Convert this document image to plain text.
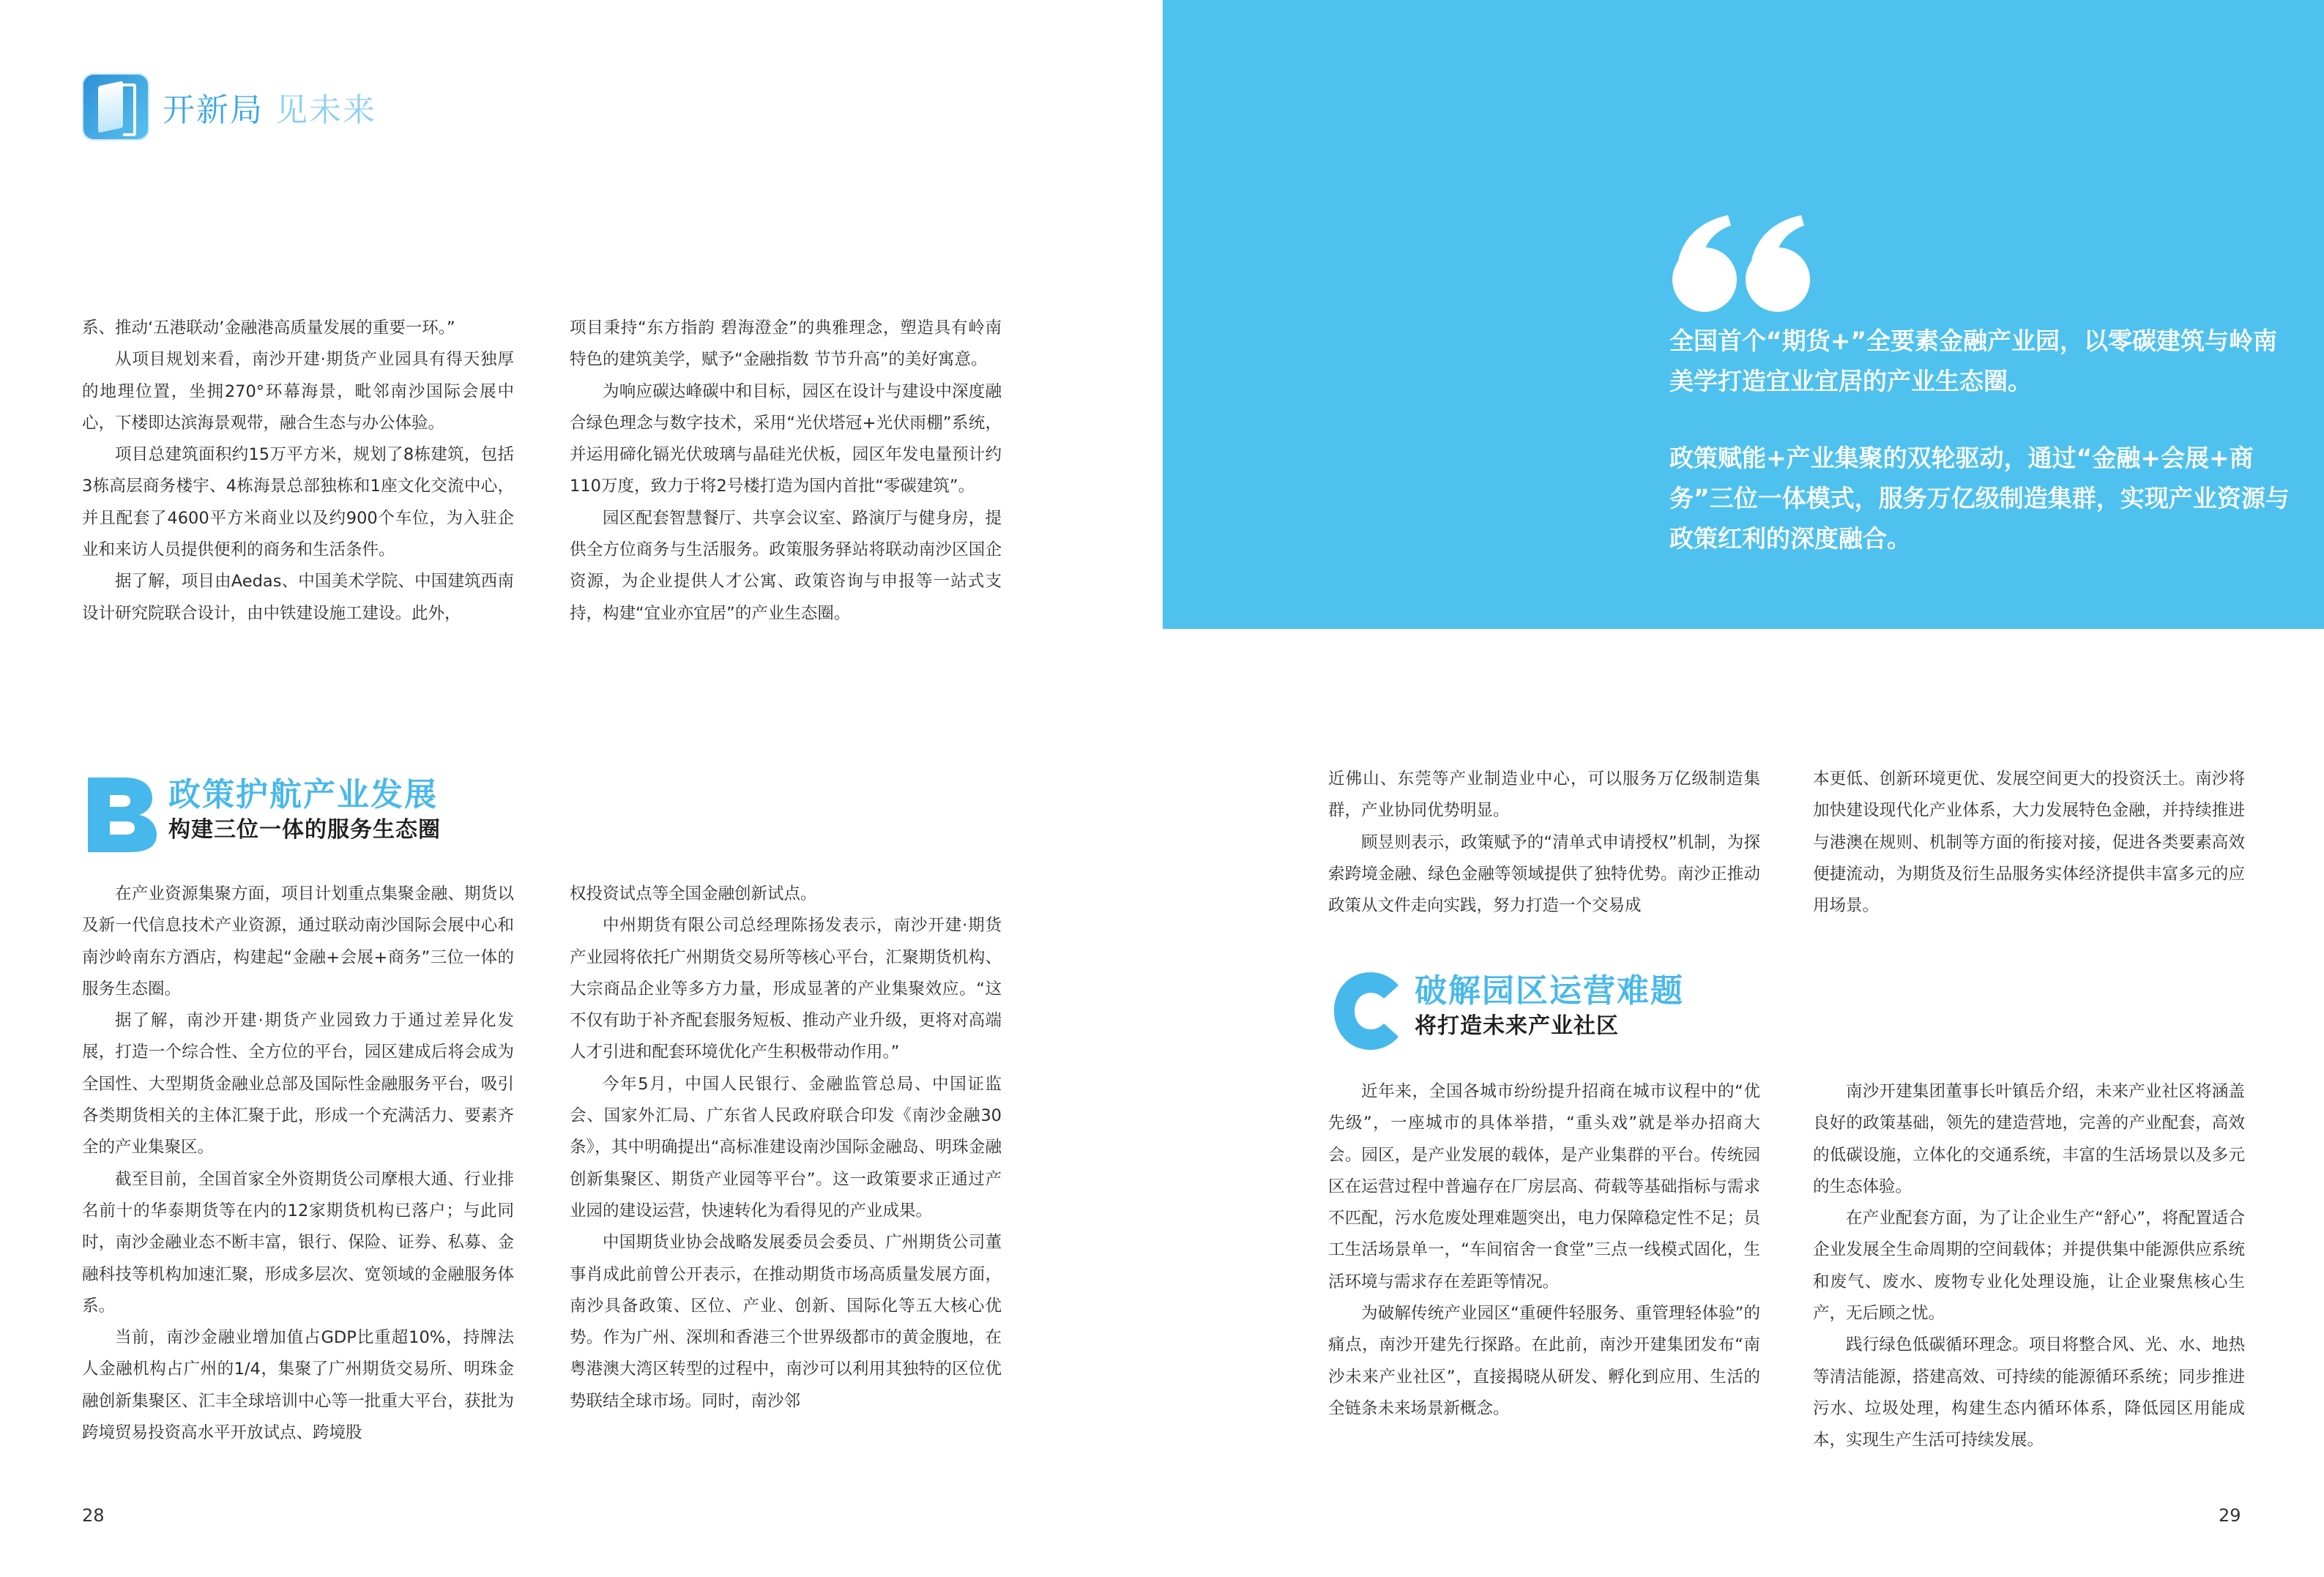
开新局 见未来

系、推动‘五港联动’金融港高质量发展的重要一环。”

从项目规划来看，南沙开建·期货产业园具有得天独厚的地理位置，坐拥270°环幕海景，毗邻南沙国际会展中心，下楼即达滨海景观带，融合生态与办公体验。

项目总建筑面积约15万平方米，规划了8栋建筑，包括3栋高层商务楼宇、4栋海景总部独栋和1座文化交流中心，并且配套了4600平方米商业以及约900个车位，为入驻企业和来访人员提供便利的商务和生活条件。

据了解，项目由Aedas、中国美术学院、中国建筑西南设计研究院联合设计，由中铁建设施工建设。此外，

项目秉持“东方指韵 碧海澄金”的典雅理念，塑造具有岭南特色的建筑美学，赋予“金融指数 节节升高”的美好寓意。

为响应碳达峰碳中和目标，园区在设计与建设中深度融合绿色理念与数字技术，采用“光伏塔冠+光伏雨棚”系统，并运用碲化镉光伏玻璃与晶硅光伏板，园区年发电量预计约110万度，致力于将2号楼打造为国内首批“零碳建筑”。

园区配套智慧餐厅、共享会议室、路演厅与健身房，提供全方位商务与生活服务。政策服务驿站将联动南沙区国企资源，为企业提供人才公寓、政策咨询与申报等一站式支持，构建“宜业亦宜居”的产业生态圈。

政策护航产业发展
构建三位一体的服务生态圈

在产业资源集聚方面，项目计划重点集聚金融、期货以及新一代信息技术产业资源，通过联动南沙国际会展中心和南沙岭南东方酒店，构建起“金融+会展+商务”三位一体的服务生态圈。

据了解，南沙开建·期货产业园致力于通过差异化发展，打造一个综合性、全方位的平台，园区建成后将会成为全国性、大型期货金融业总部及国际性金融服务平台，吸引各类期货相关的主体汇聚于此，形成一个充满活力、要素齐全的产业集聚区。

截至目前，全国首家全外资期货公司摩根大通、行业排名前十的华泰期货等在内的12家期货机构已落户；与此同时，南沙金融业态不断丰富，银行、保险、证券、私募、金融科技等机构加速汇聚，形成多层次、宽领域的金融服务体系。

当前，南沙金融业增加值占GDP比重超10%，持牌法人金融机构占广州的1/4，集聚了广州期货交易所、明珠金融创新集聚区、汇丰全球培训中心等一批重大平台，获批为跨境贸易投资高水平开放试点、跨境股

权投资试点等全国金融创新试点。

中州期货有限公司总经理陈扬发表示，南沙开建·期货产业园将依托广州期货交易所等核心平台，汇聚期货机构、大宗商品企业等多方力量，形成显著的产业集聚效应。“这不仅有助于补齐配套服务短板、推动产业升级，更将对高端人才引进和配套环境优化产生积极带动作用。”

今年5月，中国人民银行、金融监管总局、中国证监会、国家外汇局、广东省人民政府联合印发《南沙金融30条》，其中明确提出“高标准建设南沙国际金融岛、明珠金融创新集聚区、期货产业园等平台”。这一政策要求正通过产业园的建设运营，快速转化为看得见的产业成果。

中国期货业协会战略发展委员会委员、广州期货公司董事肖成此前曾公开表示，在推动期货市场高质量发展方面，南沙具备政策、区位、产业、创新、国际化等五大核心优势。作为广州、深圳和香港三个世界级都市的黄金腹地，在粤港澳大湾区转型的过程中，南沙可以利用其独特的区位优势联结全球市场。同时，南沙邻

28

全国首个“期货+”全要素金融产业园，以零碳建筑与岭南美学打造宜业宜居的产业生态圈。

政策赋能+产业集聚的双轮驱动，通过“金融+会展+商务”三位一体模式，服务万亿级制造集群，实现产业资源与政策红利的深度融合。

近佛山、东莞等产业制造业中心，可以服务万亿级制造集群，产业协同优势明显。

顾昱则表示，政策赋予的“清单式申请授权”机制，为探索跨境金融、绿色金融等领域提供了独特优势。南沙正推动政策从文件走向实践，努力打造一个交易成

本更低、创新环境更优、发展空间更大的投资沃土。南沙将加快建设现代化产业体系，大力发展特色金融，并持续推进与港澳在规则、机制等方面的衔接对接，促进各类要素高效便捷流动，为期货及衍生品服务实体经济提供丰富多元的应用场景。

破解园区运营难题
将打造未来产业社区

近年来，全国各城市纷纷提升招商在城市议程中的“优先级”，一座城市的具体举措，“重头戏”就是举办招商大会。园区，是产业发展的载体，是产业集群的平台。传统园区在运营过程中普遍存在厂房层高、荷载等基础指标与需求不匹配，污水危废处理难题突出，电力保障稳定性不足；员工生活场景单一，“车间宿舍一食堂”三点一线模式固化，生活环境与需求存在差距等情况。

为破解传统产业园区“重硬件轻服务、重管理轻体验”的痛点，南沙开建先行探路。在此前，南沙开建集团发布“南沙未来产业社区”，直接揭晓从研发、孵化到应用、生活的全链条未来场景新概念。

南沙开建集团董事长叶镇岳介绍，未来产业社区将涵盖良好的政策基础，领先的建造营地，完善的产业配套，高效的低碳设施，立体化的交通系统，丰富的生活场景以及多元的生态体验。

在产业配套方面，为了让企业生产“舒心”，将配置适合企业发展全生命周期的空间载体；并提供集中能源供应系统和废气、废水、废物专业化处理设施，让企业聚焦核心生产，无后顾之忧。

践行绿色低碳循环理念。项目将整合风、光、水、地热等清洁能源，搭建高效、可持续的能源循环系统；同步推进污水、垃圾处理，构建生态内循环体系，降低园区用能成本，实现生产生活可持续发展。

29
